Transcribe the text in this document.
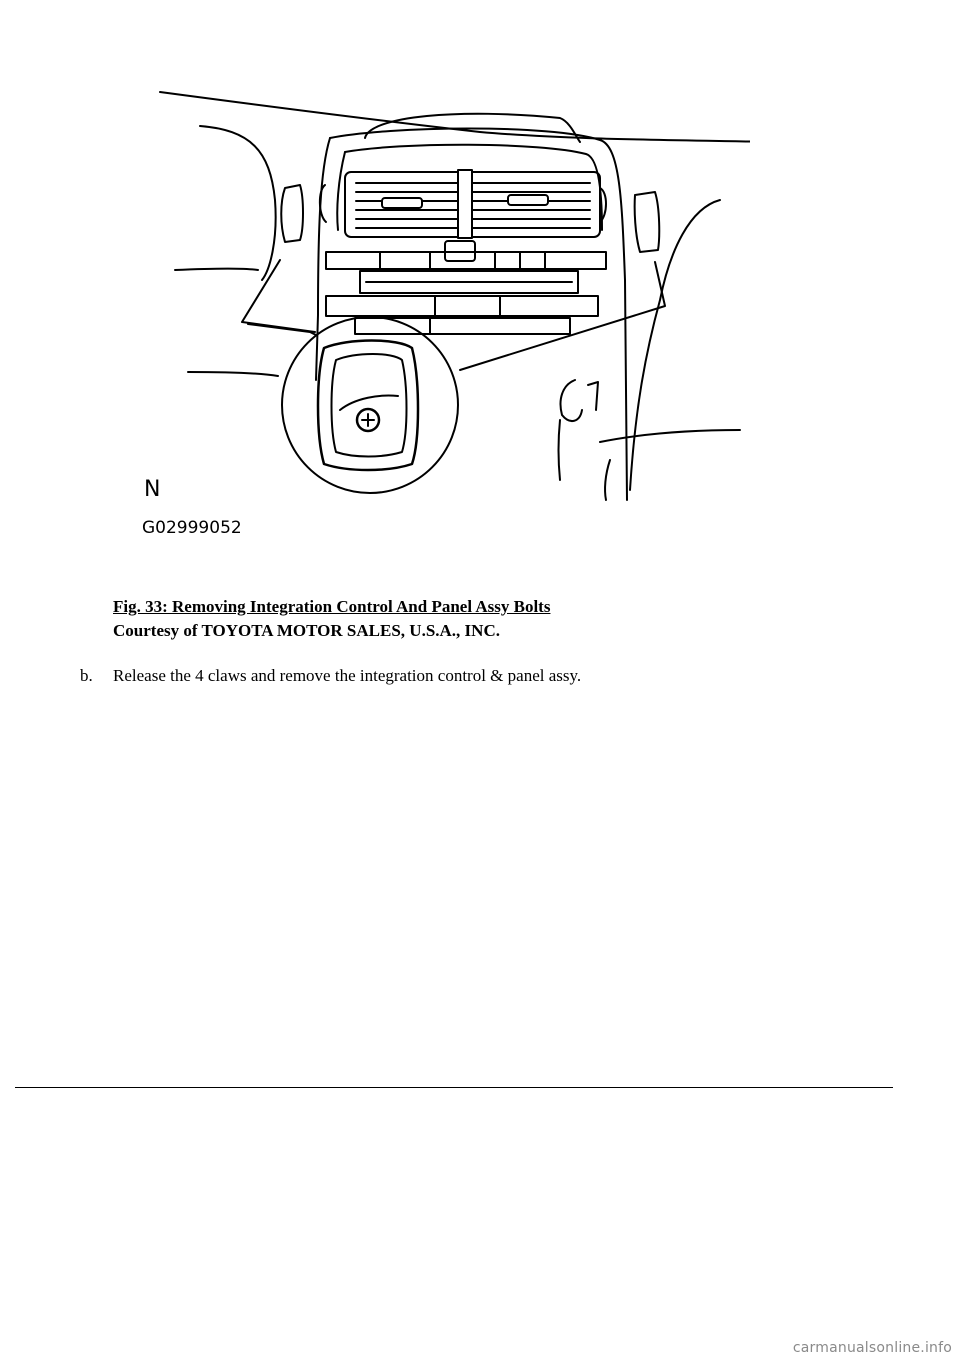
N
G02999052
Fig. 33: Removing Integration Control And Panel Assy Bolts
Courtesy of TOYOTA MOTOR SALES, U.S.A., INC.
b.	Release the 4 claws and remove the integration control & panel assy.
carmanualsonline.info
